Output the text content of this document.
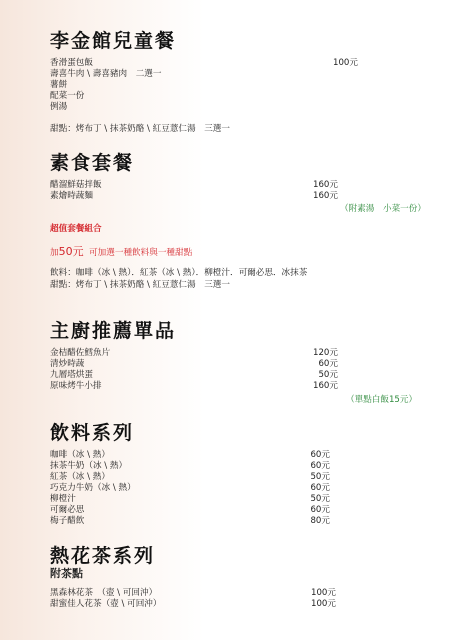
李金館兒童餐
香滑蛋包飯	100元
壽喜牛肉 \ 壽喜豬肉　二選一
薯餅
配菜一份
例湯
甜點：烤布丁 \ 抹茶奶酪 \ 紅豆薏仁湯　三選一
素食套餐
醋溜鮮菇拌飯	160元
素燴時蔬麵	160元
（附素湯　小菜一份）
超值套餐組合
加50元 可加選一種飲料與一種甜點
飲料：咖啡（冰 \ 熱）．紅茶（冰 \ 熱）．柳橙汁．可爾必思．冰抹茶
甜點：烤布丁 \ 抹茶奶酪 \ 紅豆薏仁湯　三選一
主廚推薦單品
金桔醋佐鱈魚片	120元
清炒時蔬	60元
九層塔烘蛋	50元
原味烤牛小排	160元
（單點白飯15元）
飲料系列
咖啡（冰 \ 熱）	60元
抹茶牛奶（冰 \ 熱）	60元
紅茶（冰 \ 熱）	50元
巧克力牛奶（冰 \ 熱）	60元
柳橙汁	50元
可爾必思	60元
梅子醋飲	80元
熱花茶系列
附茶點
黑森林花茶　（壺 \ 可回沖）	100元
甜蜜佳人花茶（壺 \ 可回沖）	100元
